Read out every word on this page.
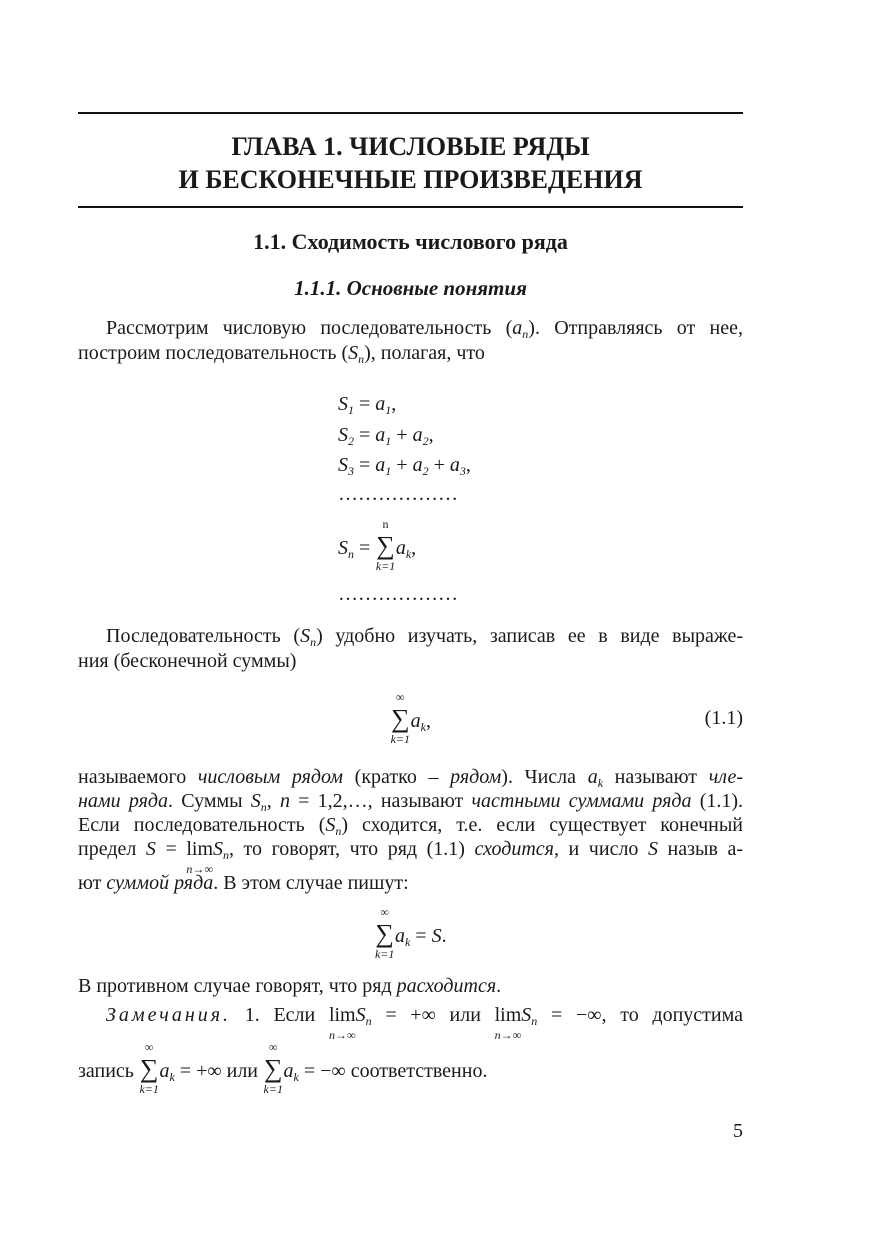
ГЛАВА 1. ЧИСЛОВЫЕ РЯДЫ
И БЕСКОНЕЧНЫЕ ПРОИЗВЕДЕНИЯ
1.1. Сходимость числового ряда
1.1.1. Основные понятия
Рассмотрим числовую последовательность $(a_n)$. Отправляясь от нее,
построим последовательность $(S_n)$, полагая, что
$S_1 = a_1$,
$S_2 = a_1 + a_2$,
$S_3 = a_1 + a_2 + a_3$,
………………
$S_n$ =
n
∑
k=1
$a_k$,
………………
Последовательность $(S_n)$ удобно изучать, записав ее в виде выраже-
ния (бесконечной суммы)
∞
∑
k=1
$a_k$,	(1.1)
называемого числовым рядом (кратко – рядом). Числа $a_k$ называют чле-
нами ряда. Суммы $S_n$, n = 1,2,…, называют частными суммами ряда (1.1).
Если последовательность $(S_n)$ сходится, т.е. если существует конечный
предел S = lim
n→∞
$S_n$, то говорят, что ряд (1.1) сходится, и число S назыв а-
ют суммой ряда. В этом случае пишут:
∞
∑
k=1
$a_k = S$.
В противном случае говорят, что ряд расходится.
Замечания. 1. Если lim
n→∞
$S_n$ = +∞ или lim
n→∞
$S_n$ = −∞, то допустима
запись
∞
∑
k=1
$a_k$ = +∞ или
∞
∑
k=1
$a_k$ = −∞ соответственно.
5
